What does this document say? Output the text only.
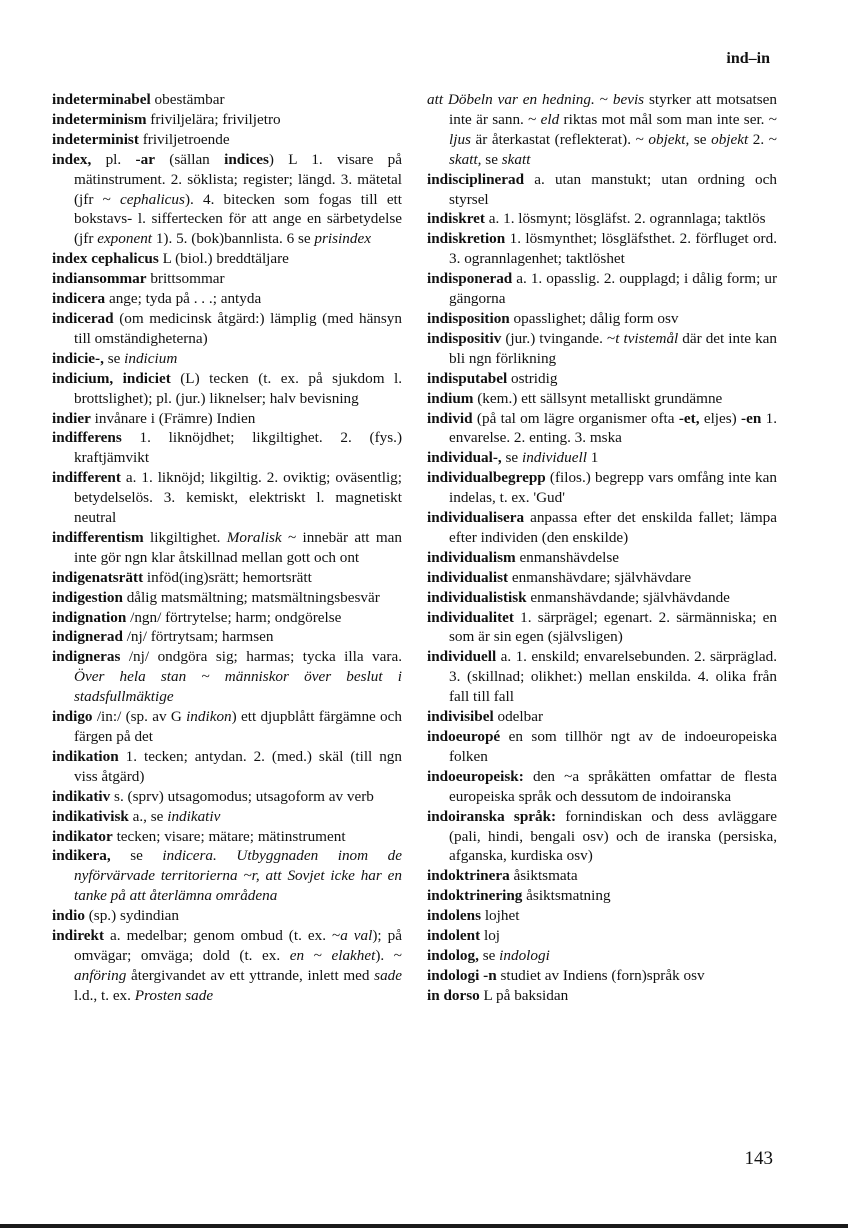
ind–in

indeterminabel obestämbar

indeterminism friviljelära; friviljetro

indeterminist friviljetroende

index, pl. -ar (sällan indices) L 1. visare på mätinstrument. 2. söklista; register; längd. 3. mätetal (jfr ~ cephalicus). 4. bitecken som fogas till ett bokstavs- l. siffertecken för att ange en särbetydelse (jfr exponent 1). 5. (bok)bannlista. 6 se prisindex

index cephalicus L (biol.) breddtäljare

indiansommar brittsommar

indicera ange; tyda på . . .; antyda

indicerad (om medicinsk åtgärd:) lämplig (med hänsyn till omständigheterna)

indicie-, se indicium

indicium, indiciet (L) tecken (t. ex. på sjukdom l. brottslighet); pl. (jur.) liknelser; halv bevisning

indier invånare i (Främre) Indien

indifferens 1. liknöjdhet; likgiltighet. 2. (fys.) kraftjämvikt

indifferent a. 1. liknöjd; likgiltig. 2. oviktig; oväsentlig; betydelselös. 3. kemiskt, elektriskt l. magnetiskt neutral

indifferentism likgiltighet. Moralisk ~ innebär att man inte gör ngn klar åtskillnad mellan gott och ont

indigenatsrätt inföd(ing)srätt; hemortsrätt

indigestion dålig matsmältning; matsmältningsbesvär

indignation /ngn/ förtrytelse; harm; ondgörelse

indignerad /nj/ förtrytsam; harmsen

indigneras /nj/ ondgöra sig; harmas; tycka illa vara. Över hela stan ~ människor över beslut i stadsfullmäktige

indigo /in:/ (sp. av G indikon) ett djupblått färgämne och färgen på det

indikation 1. tecken; antydan. 2. (med.) skäl (till ngn viss åtgärd)

indikativ s. (sprv) utsagomodus; utsagoform av verb

indikativisk a., se indikativ

indikator tecken; visare; mätare; mätinstrument

indikera, se indicera. Utbyggnaden inom de nyförvärvade territorierna ~r, att Sovjet icke har en tanke på att återlämna områdena

indio (sp.) sydindian

indirekt a. medelbar; genom ombud (t. ex. ~a val); på omvägar; omväga; dold (t. ex. en ~ elakhet). ~ anföring återgivandet av ett yttrande, inlett med sade l.d., t. ex. Prosten sade

att Döbeln var en hedning. ~ bevis styrker att motsatsen inte är sann. ~ eld riktas mot mål som man inte ser. ~ ljus är återkastat (reflekterat). ~ objekt, se objekt 2. ~ skatt, se skatt

indisciplinerad a. utan manstukt; utan ordning och styrsel

indiskret a. 1. lösmynt; lösgläfst. 2. ogrannlaga; taktlös

indiskretion 1. lösmynthet; lösgläfsthet. 2. förfluget ord. 3. ogrannlagenhet; taktlöshet

indisponerad a. 1. opasslig. 2. oupplagd; i dålig form; ur gängorna

indisposition opasslighet; dålig form osv

indispositiv (jur.) tvingande. ~t tvistemål där det inte kan bli ngn förlikning

indisputabel ostridig

indium (kem.) ett sällsynt metalliskt grundämne

individ (på tal om lägre organismer ofta -et, eljes) -en 1. envarelse. 2. enting. 3. mska

individual-, se individuell 1

individualbegrepp (filos.) begrepp vars omfång inte kan indelas, t. ex. 'Gud'

individualisera anpassa efter det enskilda fallet; lämpa efter individen (den enskilde)

individualism enmanshävdelse

individualist enmanshävdare; självhävdare

individualistisk enmanshävdande; självhävdande

individualitet 1. särprägel; egenart. 2. särmänniska; en som är sin egen (självsligen)

individuell a. 1. enskild; envarelsebunden. 2. särpräglad. 3. (skillnad; olikhet:) mellan enskilda. 4. olika från fall till fall

indivisibel odelbar

indoeuropé en som tillhör ngt av de indoeuropeiska folken

indoeuropeisk: den ~a språkätten omfattar de flesta europeiska språk och dessutom de indoiranska

indoiranska språk: fornindiskan och dess avläggare (pali, hindi, bengali osv) och de iranska (persiska, afganska, kurdiska osv)

indoktrinera åsiktsmata

indoktrinering åsiktsmatning

indolens lojhet

indolent loj

indolog, se indologi

indologi -n studiet av Indiens (forn)språk osv

in dorso L på baksidan

143
